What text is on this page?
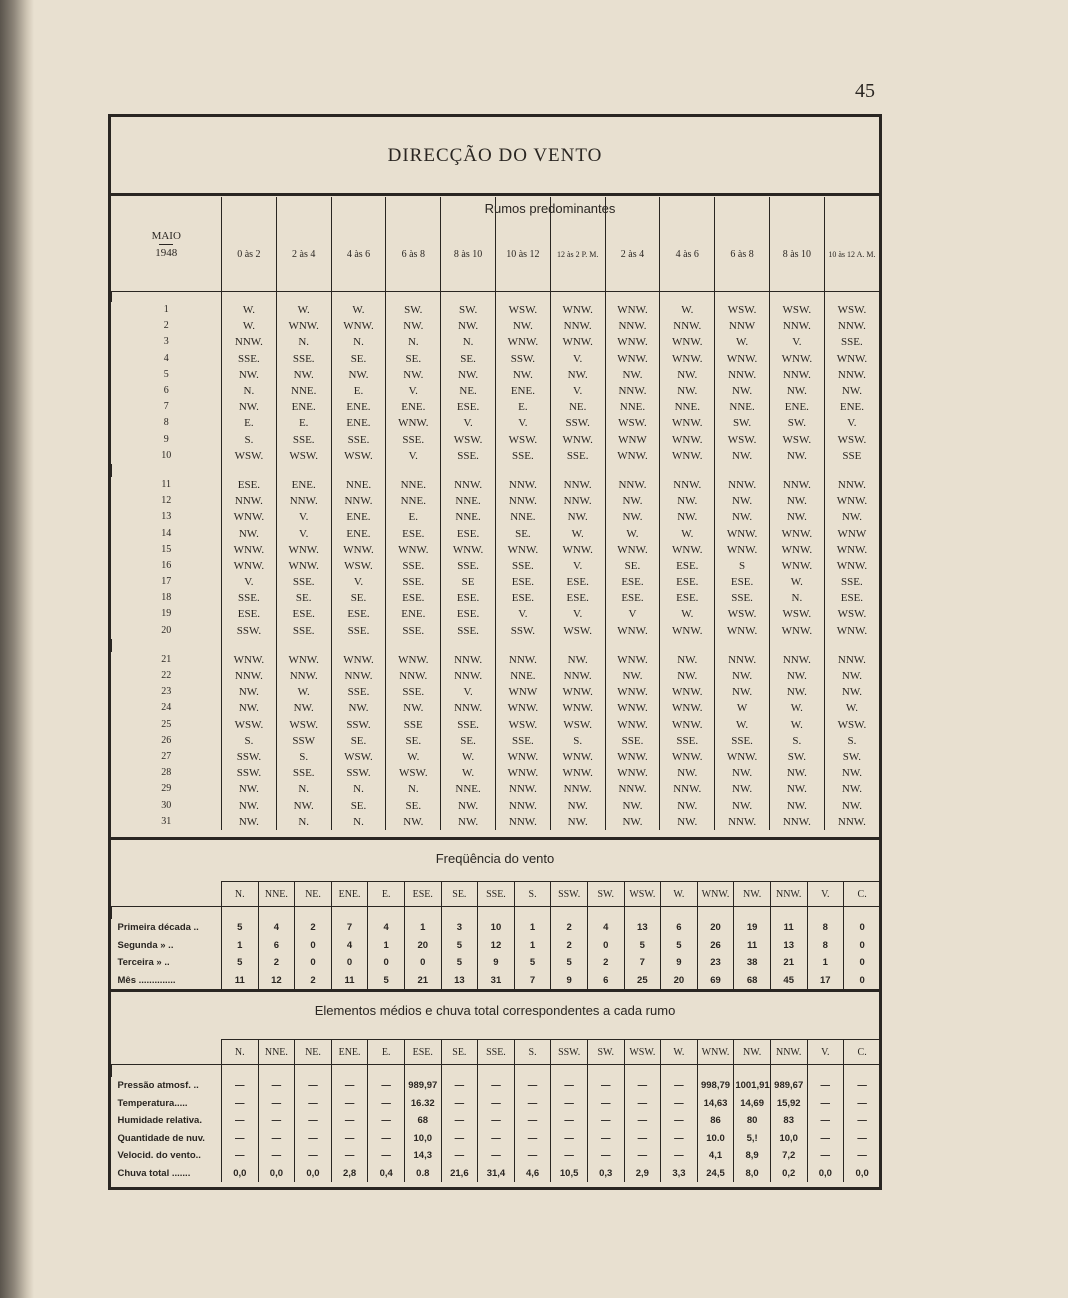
45
DIRECÇÃO DO VENTO
Rumos predominantes
MAIO
1948	0 às 2	2 às 4	4 às 6	6 às 8	8 às 10	10 às 12	12 às 2 P. M.	2 às 4	4 às 6	6 às 8	8 às 10	10 às 12 A. M.

1	W.	W.	W.	SW.	SW.	WSW.	WNW.	WNW.	W.	WSW.	WSW.	WSW.
2	W.	WNW.	WNW.	NW.	NW.	NW.	NNW.	NNW.	NNW.	NNW	NNW.	NNW.
3	NNW.	N.	N.	N.	N.	WNW.	WNW.	WNW.	WNW.	W.	V.	SSE.
4	SSE.	SSE.	SE.	SE.	SE.	SSW.	V.	WNW.	WNW.	WNW.	WNW.	WNW.
5	NW.	NW.	NW.	NW.	NW.	NW.	NW.	NW.	NW.	NNW.	NNW.	NNW.
6	N.	NNE.	E.	V.	NE.	ENE.	V.	NNW.	NW.	NW.	NW.	NW.
7	NW.	ENE.	ENE.	ENE.	ESE.	E.	NE.	NNE.	NNE.	NNE.	ENE.	ENE.
8	E.	E.	ENE.	WNW.	V.	V.	SSW.	WSW.	WNW.	SW.	SW.	V.
9	S.	SSE.	SSE.	SSE.	WSW.	WSW.	WNW.	WNW	WNW.	WSW.	WSW.	WSW.
10	WSW.	WSW.	WSW.	V.	SSE.	SSE.	SSE.	WNW.	WNW.	NW.	NW.	SSE

11	ESE.	ENE.	NNE.	NNE.	NNW.	NNW.	NNW.	NNW.	NNW.	NNW.	NNW.	NNW.
12	NNW.	NNW.	NNW.	NNE.	NNE.	NNW.	NNW.	NW.	NW.	NW.	NW.	WNW.
13	WNW.	V.	ENE.	E.	NNE.	NNE.	NW.	NW.	NW.	NW.	NW.	NW.
14	NW.	V.	ENE.	ESE.	ESE.	SE.	W.	W.	W.	WNW.	WNW.	WNW
15	WNW.	WNW.	WNW.	WNW.	WNW.	WNW.	WNW.	WNW.	WNW.	WNW.	WNW.	WNW.
16	WNW.	WNW.	WSW.	SSE.	SSE.	SSE.	V.	SE.	ESE.	S	WNW.	WNW.
17	V.	SSE.	V.	SSE.	SE	ESE.	ESE.	ESE.	ESE.	ESE.	W.	SSE.
18	SSE.	SE.	SE.	ESE.	ESE.	ESE.	ESE.	ESE.	ESE.	SSE.	N.	ESE.
19	ESE.	ESE.	ESE.	ENE.	ESE.	V.	V.	V	W.	WSW.	WSW.	WSW.
20	SSW.	SSE.	SSE.	SSE.	SSE.	SSW.	WSW.	WNW.	WNW.	WNW.	WNW.	WNW.

21	WNW.	WNW.	WNW.	WNW.	NNW.	NNW.	NW.	WNW.	NW.	NNW.	NNW.	NNW.
22	NNW.	NNW.	NNW.	NNW.	NNW.	NNE.	NNW.	NW.	NW.	NW.	NW.	NW.
23	NW.	W.	SSE.	SSE.	V.	WNW	WNW.	WNW.	WNW.	NW.	NW.	NW.
24	NW.	NW.	NW.	NW.	NNW.	WNW.	WNW.	WNW.	WNW.	W	W.	W.
25	WSW.	WSW.	SSW.	SSE	SSE.	WSW.	WSW.	WNW.	WNW.	W.	W.	WSW.
26	S.	SSW	SE.	SE.	SE.	SSE.	S.	SSE.	SSE.	SSE.	S.	S.
27	SSW.	S.	WSW.	W.	W.	WNW.	WNW.	WNW.	WNW.	WNW.	SW.	SW.
28	SSW.	SSE.	SSW.	WSW.	W.	WNW.	WNW.	WNW.	NW.	NW.	NW.	NW.
29	NW.	N.	N.	N.	NNE.	NNW.	NNW.	NNW.	NNW.	NW.	NW.	NW.
30	NW.	NW.	SE.	SE.	NW.	NNW.	NW.	NW.	NW.	NW.	NW.	NW.
31	NW.	N.	N.	NW.	NW.	NNW.	NW.	NW.	NW.	NNW.	NNW.	NNW.
Freqüência do vento
	N.	NNE.	NE.	ENE.	E.	ESE.	SE.	SSE.	S.	SSW.	SW.	WSW.	W.	WNW.	NW.	NNW.	V.	C.

Primeira década ..	5	4	2	7	4	1	3	10	1	2	4	13	6	20	19	11	8	0
Segunda » ..	1	6	0	4	1	20	5	12	1	2	0	5	5	26	11	13	8	0
Terceira » ..	5	2	0	0	0	0	5	9	5	5	2	7	9	23	38	21	1	0
Mês ..............	11	12	2	11	5	21	13	31	7	9	6	25	20	69	68	45	17	0
Elementos médios e chuva total correspondentes a cada rumo
	N.	NNE.	NE.	ENE.	E.	ESE.	SE.	SSE.	S.	SSW.	SW.	WSW.	W.	WNW.	NW.	NNW.	V.	C.

Pressão atmosf. ..	—	—	—	—	—	989,97	—	—	—	—	—	—	—	998,79	1001,91	989,67	—	—
Temperatura.....	—	—	—	—	—	16.32	—	—	—	—	—	—	—	14,63	14,69	15,92	—	—
Humidade relativa.	—	—	—	—	—	68	—	—	—	—	—	—	—	86	80	83	—	—
Quantidade de nuv.	—	—	—	—	—	10,0	—	—	—	—	—	—	—	10.0	5,!	10,0	—	—
Velocid. do vento..	—	—	—	—	—	14,3	—	—	—	—	—	—	—	4,1	8,9	7,2	—	—
Chuva total .......	0,0	0,0	0,0	2,8	0,4	0.8	21,6	31,4	4,6	10,5	0,3	2,9	3,3	24,5	8,0	0,2	0,0	0,0
